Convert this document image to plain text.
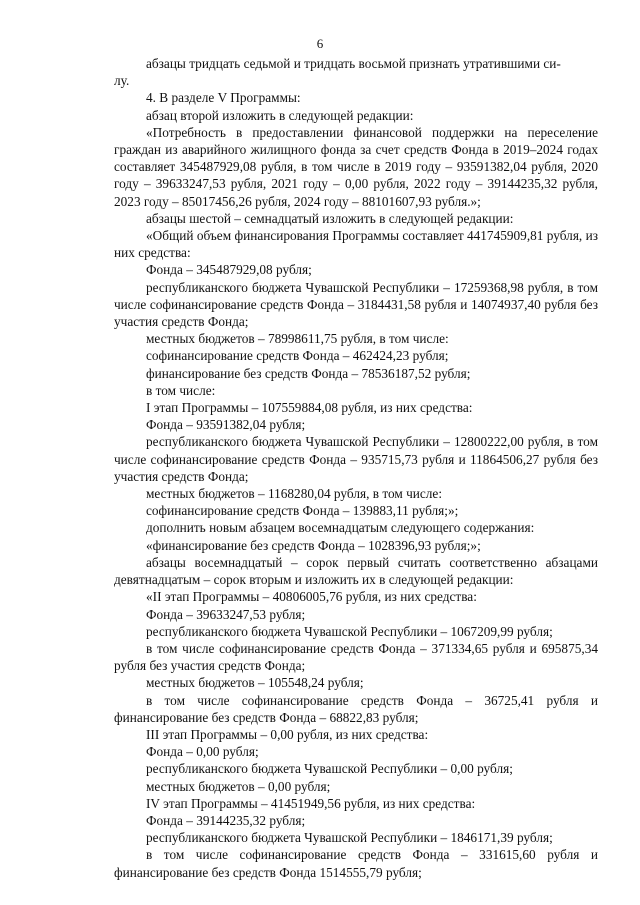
6

абзацы тридцать седьмой и тридцать восьмой признать утратившими си-

лу.

4. В разделе V Программы:

абзац второй изложить в следующей редакции:

«Потребность в предоставлении финансовой поддержки на переселение граждан из аварийного жилищного фонда за счет средств Фонда в 2019–2024 годах составляет 345487929,08 рубля, в том числе в 2019 году – 93591382,04 рубля, 2020 году – 39633247,53 рубля, 2021 году – 0,00 рубля, 2022 году – 39144235,32 рубля, 2023 году – 85017456,26 рубля, 2024 году – 88101607,93 рубля.»;

абзацы шестой – семнадцатый изложить в следующей редакции:

«Общий объем финансирования Программы составляет 441745909,81 рубля, из них средства:

Фонда – 345487929,08 рубля;

республиканского бюджета Чувашской Республики – 17259368,98 рубля, в том числе софинансирование средств Фонда – 3184431,58 рубля и 14074937,40 рубля без участия средств Фонда;

местных бюджетов – 78998611,75 рубля, в том числе:

софинансирование средств Фонда – 462424,23 рубля;

финансирование без средств Фонда – 78536187,52 рубля;

в том числе:

I этап Программы – 107559884,08 рубля, из них средства:

Фонда – 93591382,04 рубля;

республиканского бюджета Чувашской Республики – 12800222,00 рубля, в том числе софинансирование средств Фонда – 935715,73 рубля и 11864506,27 рубля без участия средств Фонда;

местных бюджетов – 1168280,04 рубля, в том числе:

софинансирование средств Фонда – 139883,11 рубля;»;

дополнить новым абзацем восемнадцатым следующего содержания:

«финансирование без средств Фонда – 1028396,93 рубля;»;

абзацы восемнадцатый – сорок первый считать соответственно абзацами девятнадцатым – сорок вторым и изложить их в следующей редакции:

«II этап Программы – 40806005,76 рубля, из них средства:

Фонда – 39633247,53 рубля;

республиканского бюджета Чувашской Республики – 1067209,99 рубля;

в том числе софинансирование средств Фонда – 371334,65 рубля и 695875,34 рубля без участия средств Фонда;

местных бюджетов – 105548,24 рубля;

в том числе софинансирование средств Фонда – 36725,41 рубля и финансирование без средств Фонда – 68822,83 рубля;

III этап Программы – 0,00 рубля, из них средства:

Фонда – 0,00 рубля;

республиканского бюджета Чувашской Республики – 0,00 рубля;

местных бюджетов – 0,00 рубля;

IV этап Программы – 41451949,56 рубля, из них средства:

Фонда – 39144235,32 рубля;

республиканского бюджета Чувашской Республики – 1846171,39 рубля;

в том числе софинансирование средств Фонда – 331615,60 рубля и финансирование без средств Фонда 1514555,79 рубля;
